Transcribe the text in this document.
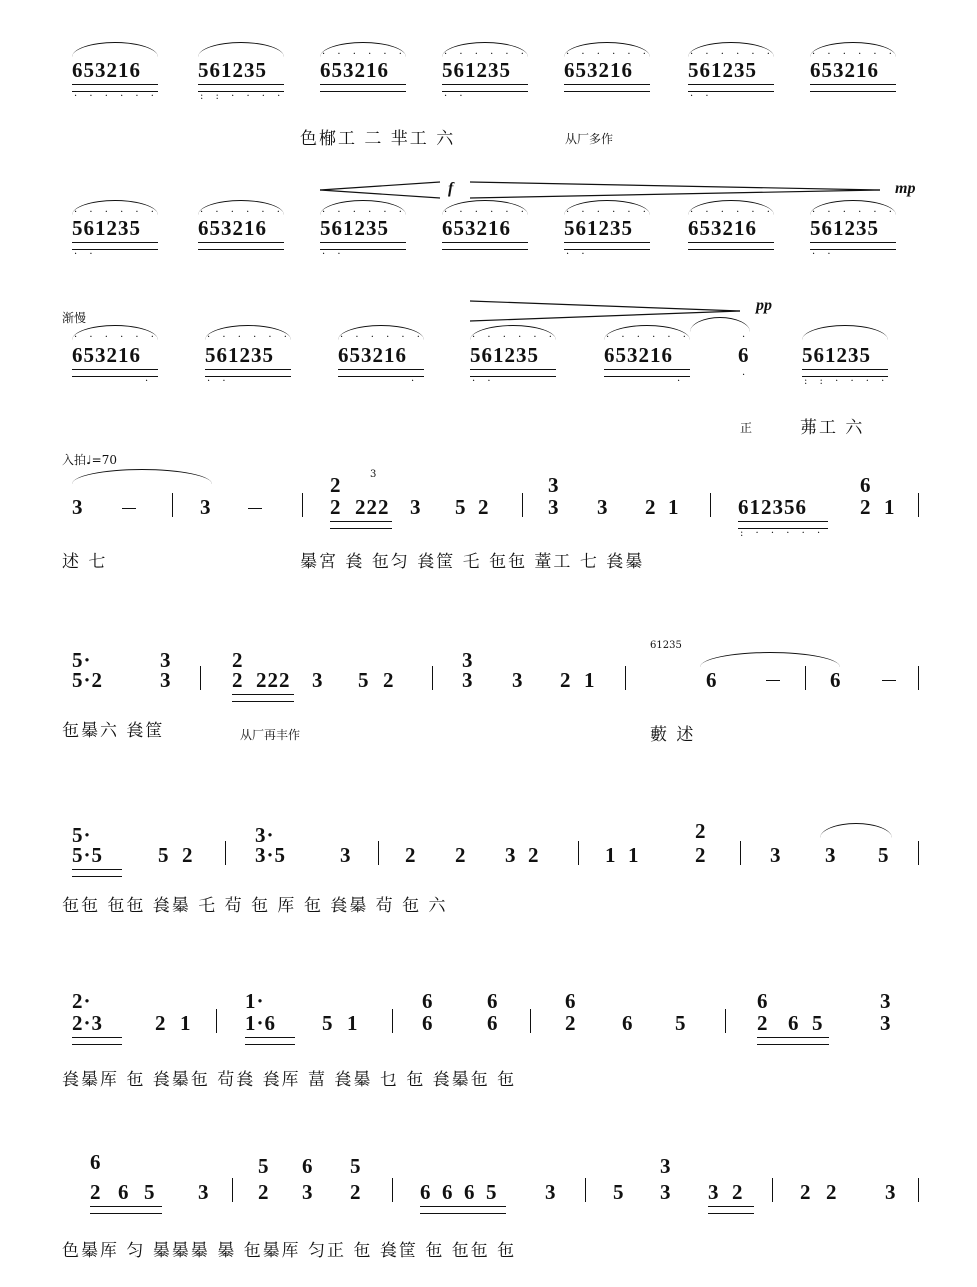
653216
· · · · · ·
561235
: : · · · ·
· · · · · ·
653216
· · · · · ·
561235
· ·
· · · · · ·
653216
· · · · · ·
561235
· ·
· · · · · ·
653216
色㮋工 二 芈工 六	从厂多作
f	mp
· · · · · ·
561235
· ·
· · · · · ·
653216
· · · · · ·
561235
· ·
· · · · · ·
653216
· · · · · ·
561235
· ·
· · · · · ·
653216
· · · · · ·
561235
· ·
渐慢
pp
· · · · · ·
653216
·
· · · · · ·
561235
· ·
· · · · · ·
653216
·
· · · · · ·
561235
· ·
· · · · · ·
653216
·
·
6
·
561235
: : · · · ·
正	茀工 六
入拍♩=70
3	3
2	3
2 222 3 5 2
3
3 3 2 1	612356
: · · · · ·
6
2 1
述 七	曓宮 㷃 㐌匀 㷃筐 乇 㐌㐌 蕫工 七 㷃曓
5·
5·2
3
3
2
2 222 3 5 2
3
3 3 2 1
61235
6	6
㐌曓六 㷃筐	从厂再丰作	藪 述
5·
5·5	5 2
3·
3·5	3	2 2 3 2	1 1
2
2	3 3 5
㐌㐌 㐌㐌 㷃曓 乇 茍 㐌 厍 㐌 㷃曓 茍 㐌 六
2·
2·3 2 1
1·
1·6 5 1
6
6
6
6
6
2 6 5
6
2 6 5
3
3
㷃曓厍 㐌 㷃曓㐌 茍㷃 㷃厍 葍 㷃曓 乜 㐌 㷃曓㐌 㐌
6
2 6 5 3
5
2
6
3
5
2	6 6 6 5 3	5
3
3 3 2	2 2 3
色曓厍 匀 曓曓曓 曓 㐌曓厍 匀正 㐌 㷃筐 㐌 㐌㐌 㐌
